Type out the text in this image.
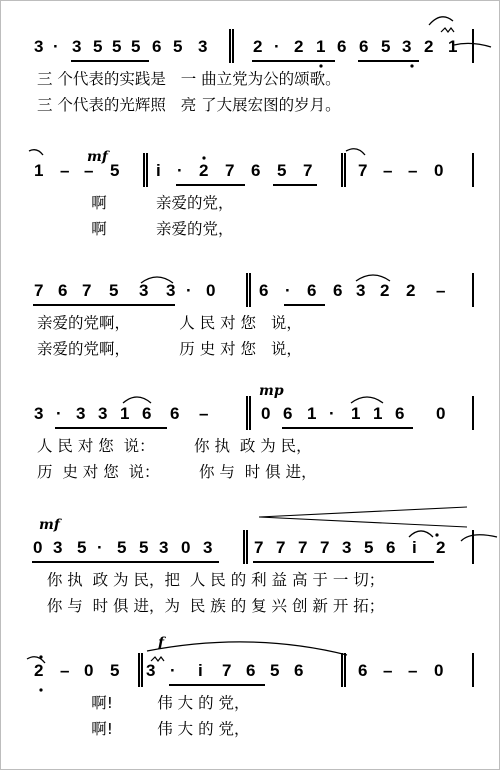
3 · 3 5 5 5 6 5 3	2 · 2 1 6 6 5 3 2 1
三 个代表的实践是   一 曲立党为公的颂歌。
三 个代表的光辉照   亮 了大展宏图的岁月。
1 – – 5 i · 2 7 6 5 7	7 – – 0
mf
啊          亲爱的党，
啊          亲爱的党，
7 6 7 5 3 3 · 0	6 · 6 6 3 2 2 –
亲爱的党啊，          人 民 对 您   说，
亲爱的党啊，          历 史 对 您   说，
3 · 3 3 1 6 6 –	0 6 1 · 1 1 6 0
mp
人 民 对 您  说：        你 执  政 为 民，
历  史 对 您  说：        你 与  时 俱 进，
0 3 5 · 5 5 3 0 3 7 7 7 7 3 5 6 i 2
mf
你 执  政 为 民，把  人 民 的 利 益 高 于 一 切；
你 与  时 俱 进，为  民 族 的 复 兴 创 新 开 拓；
2 – 0 5 3 · i 7 6 5 6	6 – – 0
f
啊!         伟 大 的 党，
啊!         伟 大 的 党，
